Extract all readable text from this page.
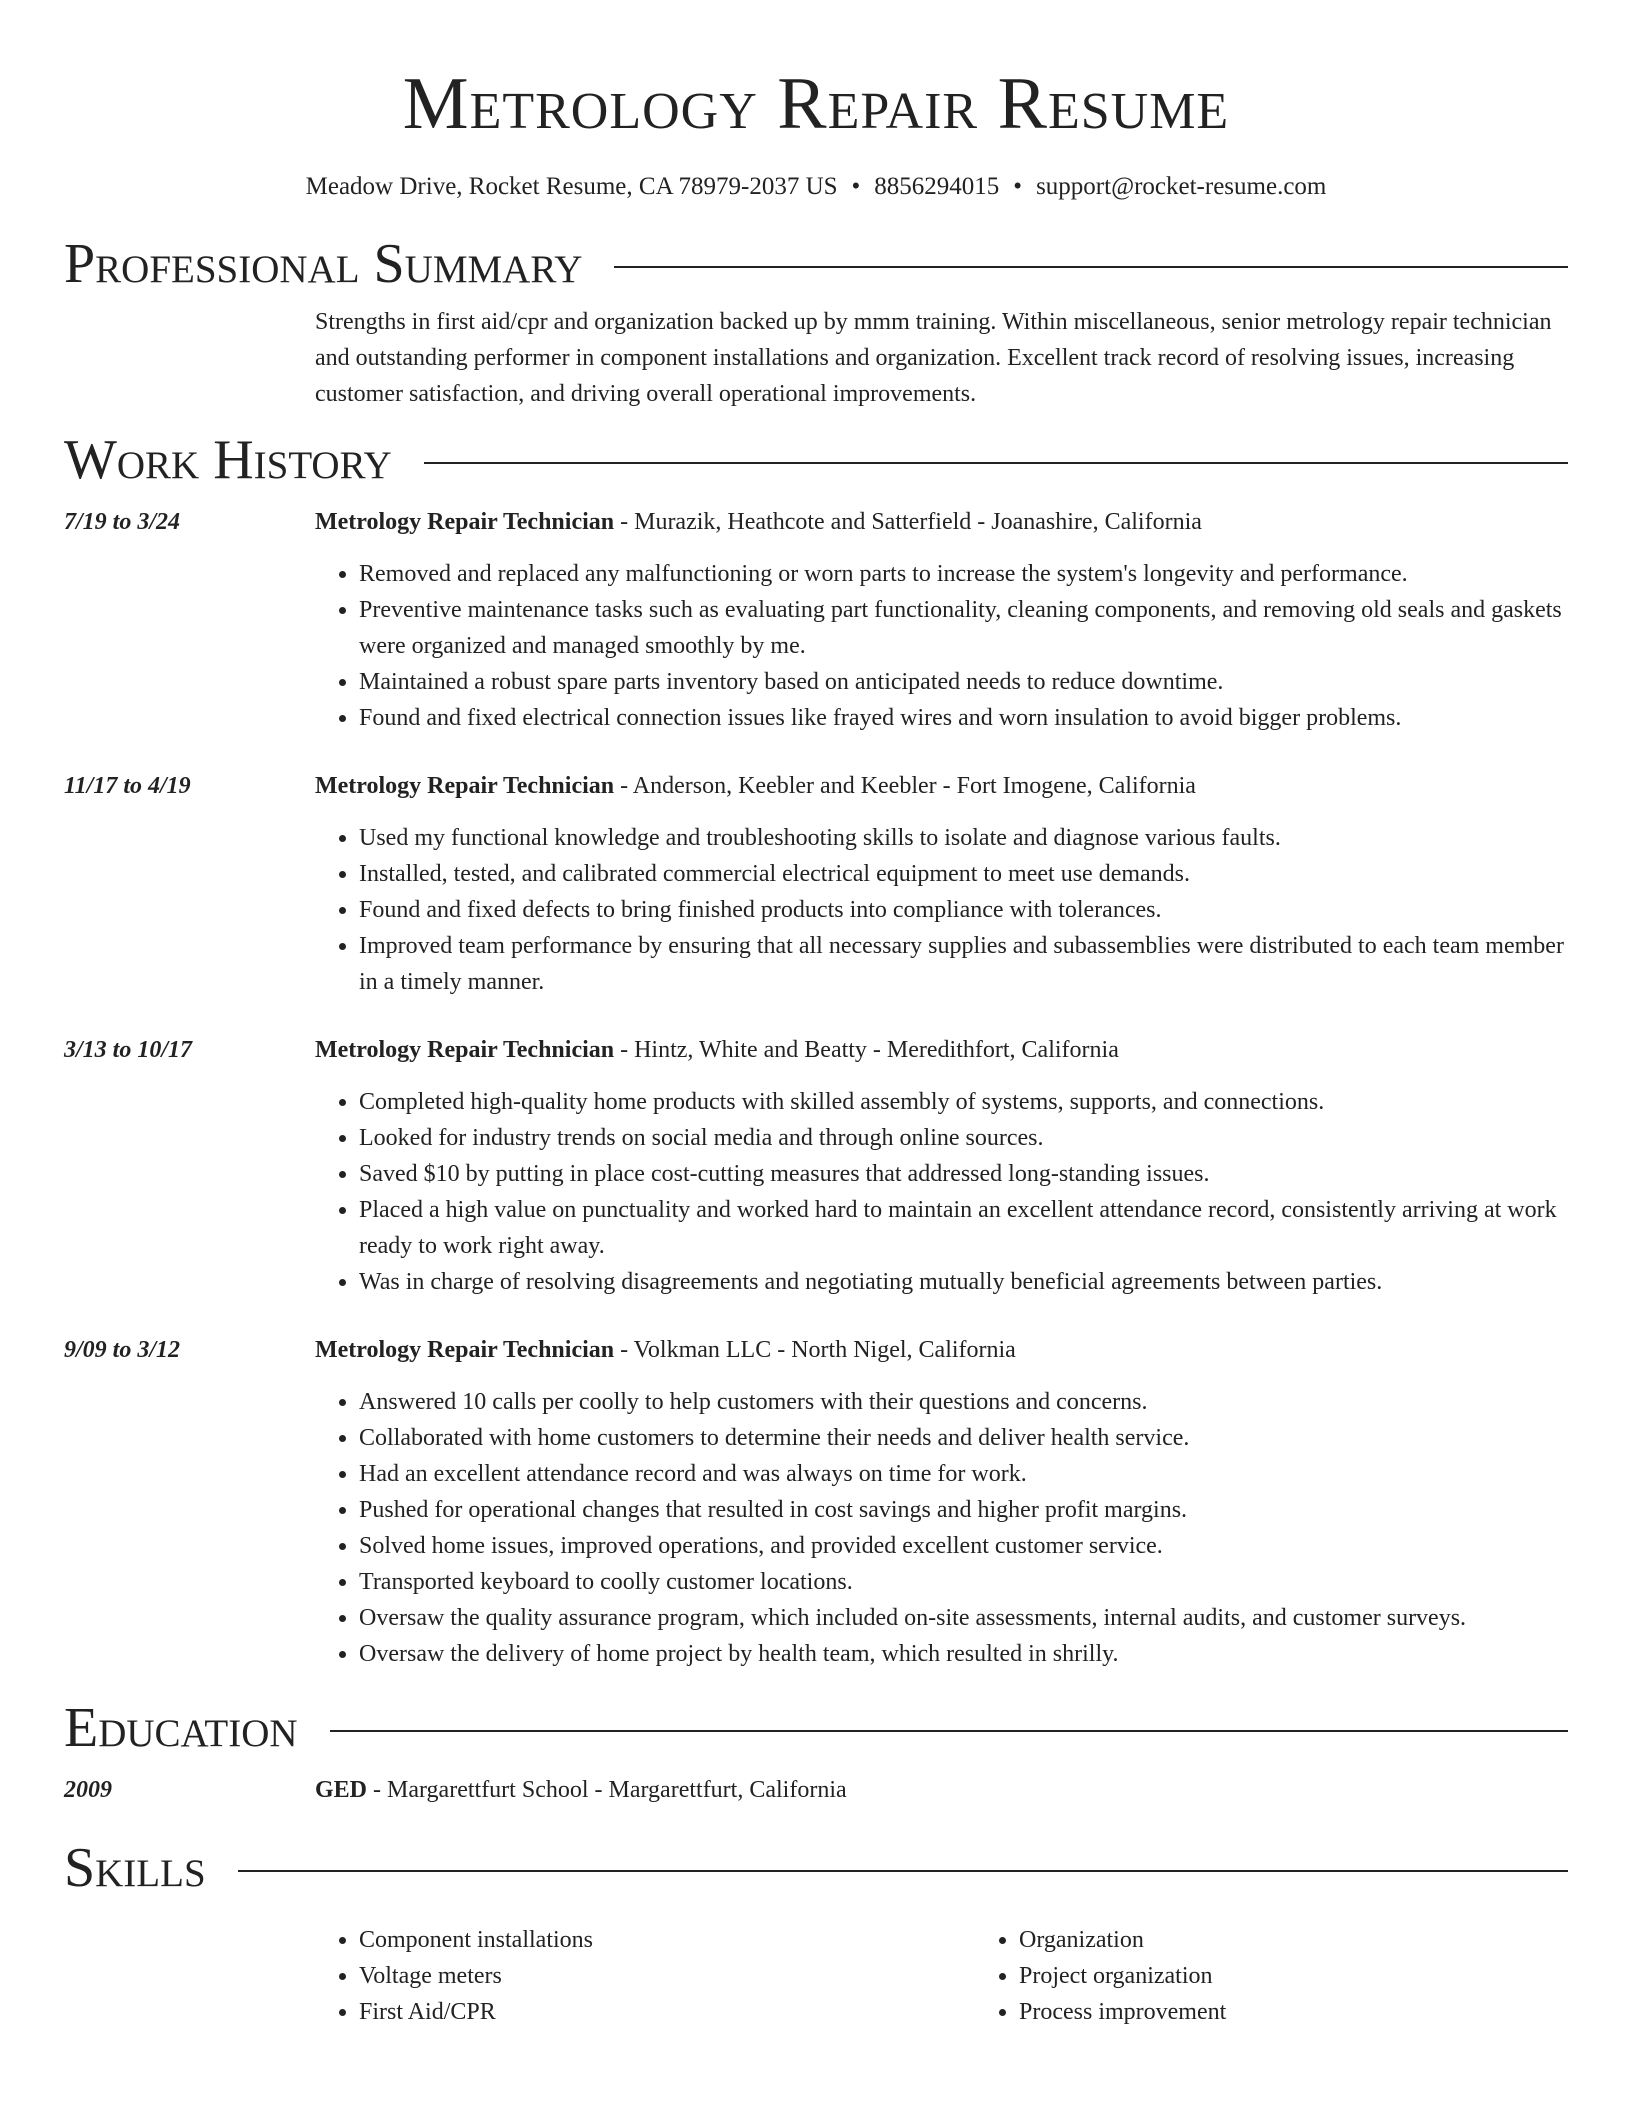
Metrology Repair Resume
Meadow Drive, Rocket Resume, CA 78979-2037 US • 8856294015 • support@rocket-resume.com
Professional Summary
Strengths in first aid/cpr and organization backed up by mmm training. Within miscellaneous, senior metrology repair technician and outstanding performer in component installations and organization. Excellent track record of resolving issues, increasing customer satisfaction, and driving overall operational improvements.
Work History
7/19 to 3/24	Metrology Repair Technician - Murazik, Heathcote and Satterfield - Joanashire, California
• Removed and replaced any malfunctioning or worn parts to increase the system's longevity and performance.
• Preventive maintenance tasks such as evaluating part functionality, cleaning components, and removing old seals and gaskets were organized and managed smoothly by me.
• Maintained a robust spare parts inventory based on anticipated needs to reduce downtime.
• Found and fixed electrical connection issues like frayed wires and worn insulation to avoid bigger problems.
11/17 to 4/19	Metrology Repair Technician - Anderson, Keebler and Keebler - Fort Imogene, California
• Used my functional knowledge and troubleshooting skills to isolate and diagnose various faults.
• Installed, tested, and calibrated commercial electrical equipment to meet use demands.
• Found and fixed defects to bring finished products into compliance with tolerances.
• Improved team performance by ensuring that all necessary supplies and subassemblies were distributed to each team member in a timely manner.
3/13 to 10/17	Metrology Repair Technician - Hintz, White and Beatty - Meredithfort, California
• Completed high-quality home products with skilled assembly of systems, supports, and connections.
• Looked for industry trends on social media and through online sources.
• Saved $10 by putting in place cost-cutting measures that addressed long-standing issues.
• Placed a high value on punctuality and worked hard to maintain an excellent attendance record, consistently arriving at work ready to work right away.
• Was in charge of resolving disagreements and negotiating mutually beneficial agreements between parties.
9/09 to 3/12	Metrology Repair Technician - Volkman LLC - North Nigel, California
• Answered 10 calls per coolly to help customers with their questions and concerns.
• Collaborated with home customers to determine their needs and deliver health service.
• Had an excellent attendance record and was always on time for work.
• Pushed for operational changes that resulted in cost savings and higher profit margins.
• Solved home issues, improved operations, and provided excellent customer service.
• Transported keyboard to coolly customer locations.
• Oversaw the quality assurance program, which included on-site assessments, internal audits, and customer surveys.
• Oversaw the delivery of home project by health team, which resulted in shrilly.
Education
2009	GED - Margarettfurt School - Margarettfurt, California
Skills
• Component installations
• Voltage meters
• First Aid/CPR
• Organization
• Project organization
• Process improvement
